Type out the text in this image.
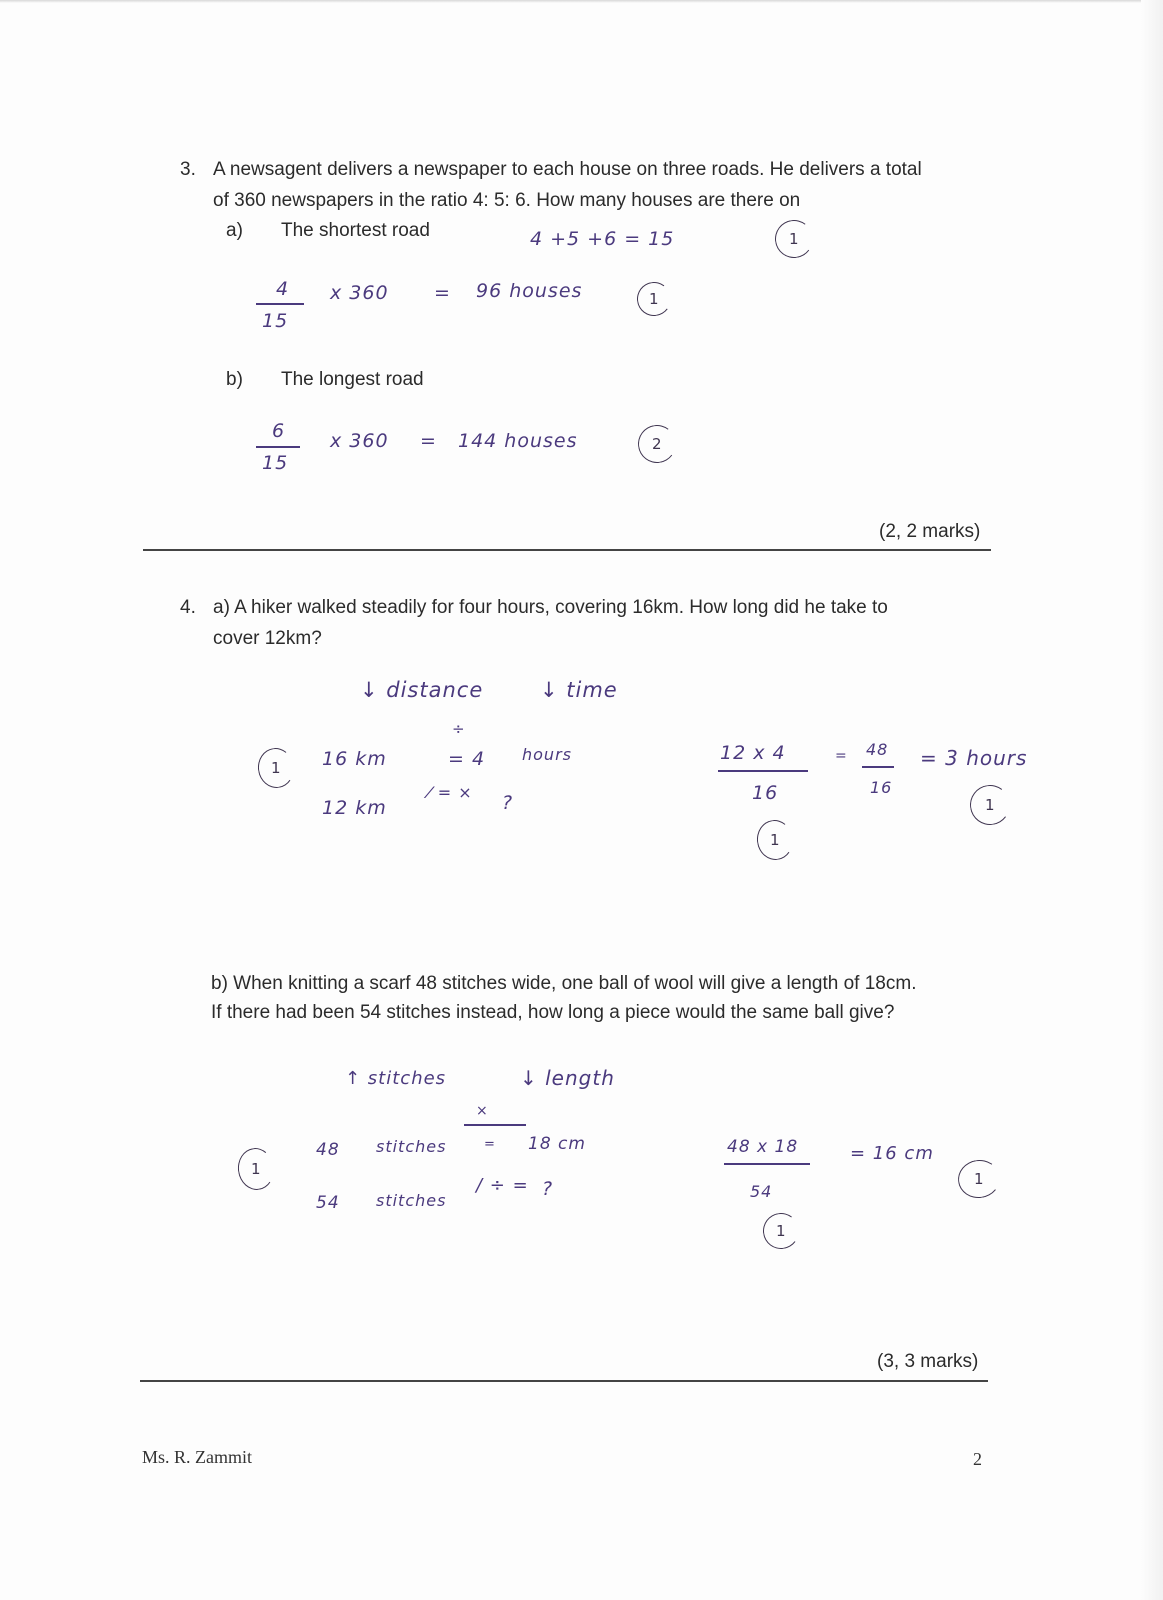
3. A newsagent delivers a newspaper to each house on three roads. He delivers a total
of 360 newspapers in the ratio 4: 5: 6. How many houses are there on
a) The shortest road
b) The longest road
4 +5 +6 = 15	1
4
15
x 360 = 96 houses	1
6
15
x 360 = 144 houses	2
(2, 2 marks)
4. a) A hiker walked steadily for four hours, covering 16km. How long did he take to
cover 12km?
↓ distance	↓ time
1 16 km
÷
= 4 hours
12 km
⁄ = × ?
12 x 4
16
1
= 48
16
= 3 hours
1
b) When knitting a scarf 48 stitches wide, one ball of wool will give a length of 18cm.
If there had been 54 stitches instead, how long a piece would the same ball give?
↑ stitches	↓ length
×
1
48 stitches	= 18 cm
54 stitches
/ ÷ = ?
48 x 18
54
1
= 16 cm
1
(3, 3 marks)
Ms. R. Zammit	2
